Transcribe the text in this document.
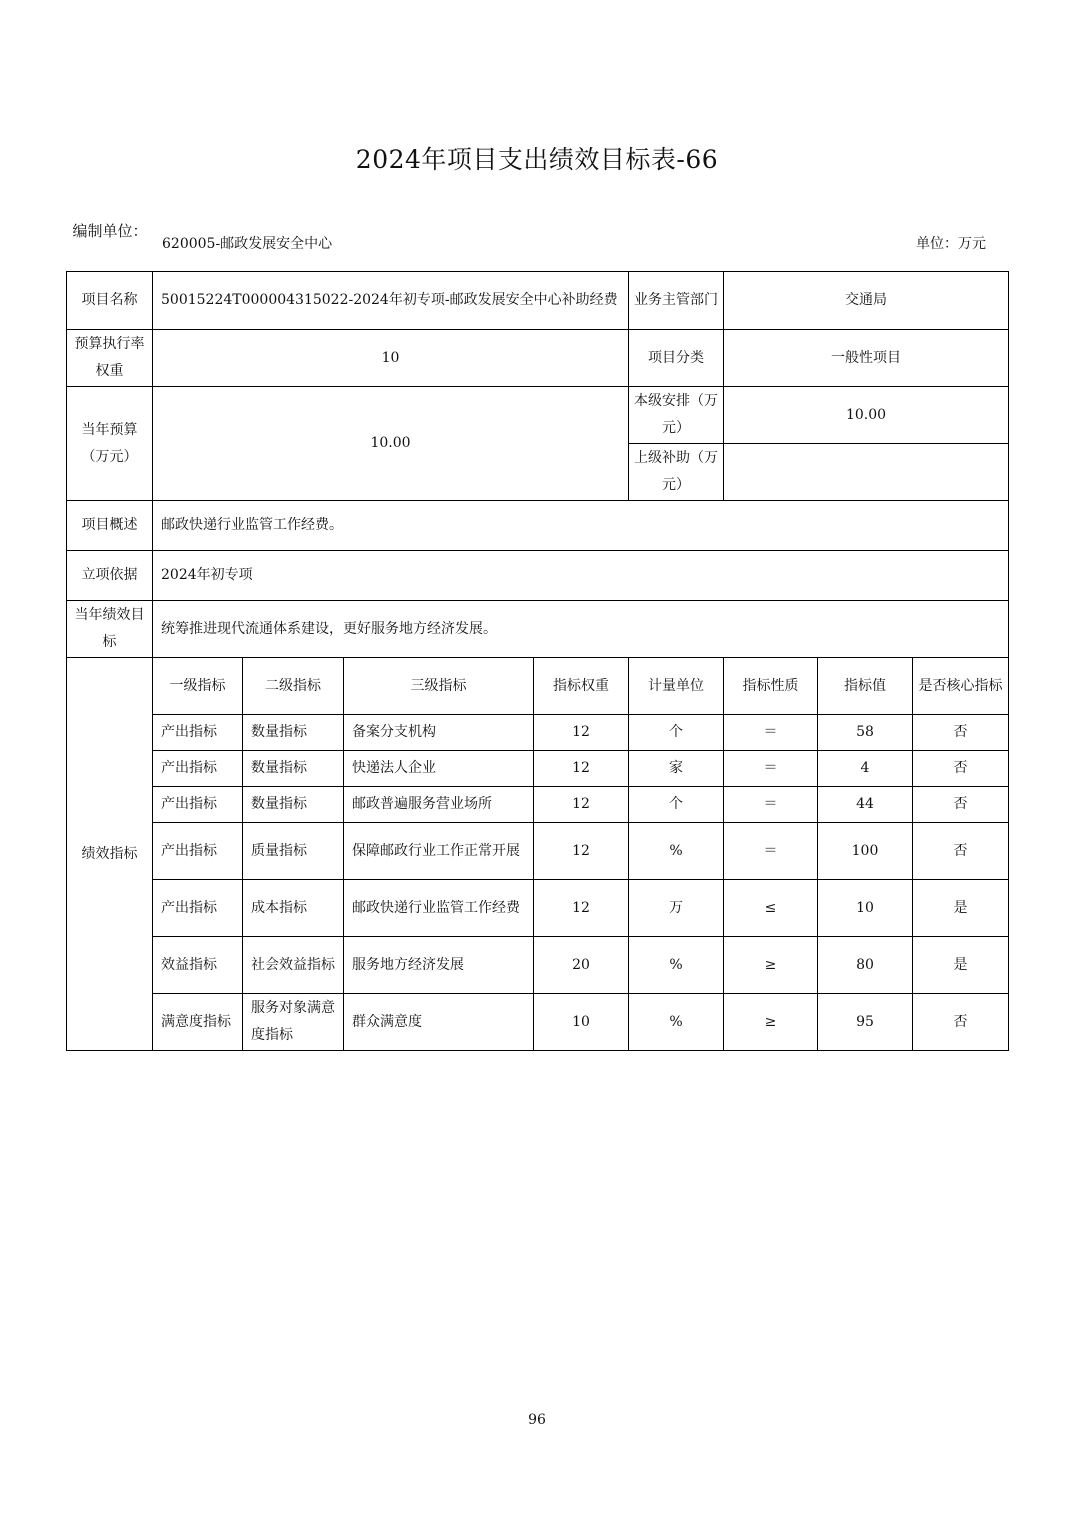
2024年项目支出绩效目标表-66
编制单位：
620005-邮政发展安全中心	单位：万元
项目名称	50015224T000004315022-2024年初专项-邮政发展安全中心补助经费				业务主管部门	交通局		
预算执行率权重	10				项目分类	一般性项目		
当年预算（万元）	10.00				本级安排（万元）	10.00		
					上级补助（万元）			
项目概述	邮政快递行业监管工作经费。							
立项依据	2024年初专项							
当年绩效目标	统筹推进现代流通体系建设，更好服务地方经济发展。							
绩效指标	一级指标	二级指标	三级指标	指标权重	计量单位	指标性质	指标值	是否核心指标
	产出指标	数量指标	备案分支机构	12	个	＝	58	否
	产出指标	数量指标	快递法人企业	12	家	＝	4	否
	产出指标	数量指标	邮政普遍服务营业场所	12	个	＝	44	否
	产出指标	质量指标	保障邮政行业工作正常开展	12	%	＝	100	否
	产出指标	成本指标	邮政快递行业监管工作经费	12	万	≤	10	是
	效益指标	社会效益指标	服务地方经济发展	20	%	≥	80	是
	满意度指标	服务对象满意度指标	群众满意度	10	%	≥	95	否
96
